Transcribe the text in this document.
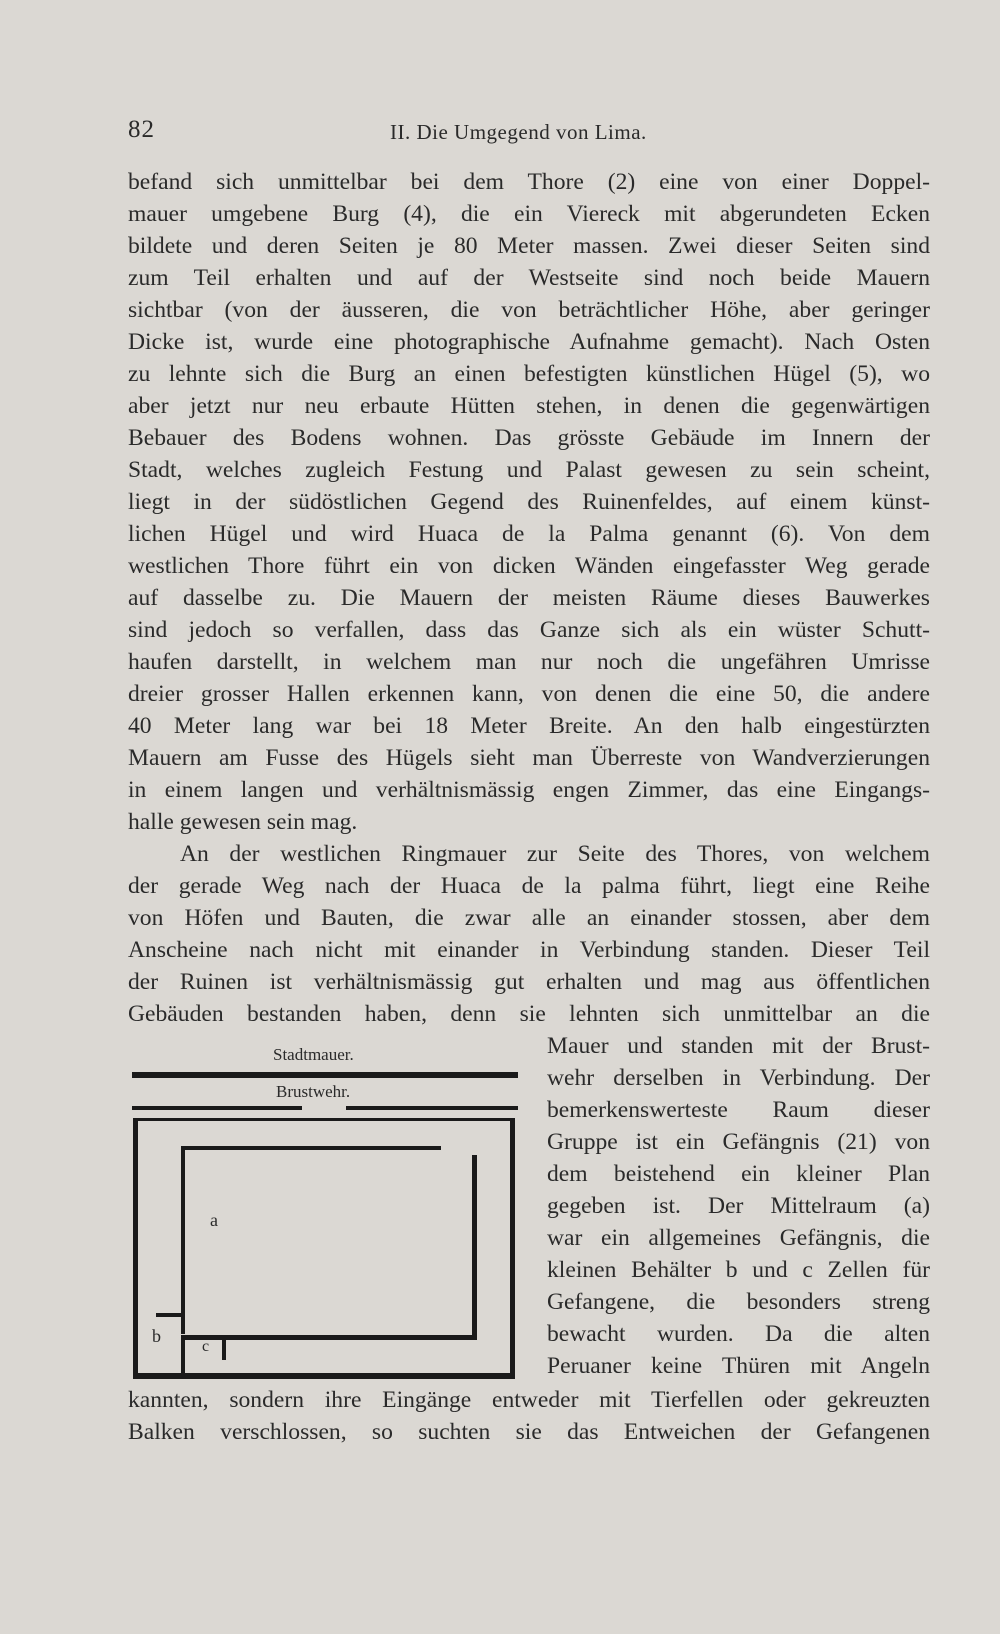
82	II. Die Umgegend von Lima.
befand sich unmittelbar bei dem Thore (2) eine von einer Doppel-
mauer umgebene Burg (4), die ein Viereck mit abgerundeten Ecken
bildete und deren Seiten je 80 Meter massen. Zwei dieser Seiten sind
zum Teil erhalten und auf der Westseite sind noch beide Mauern
sichtbar (von der äusseren, die von beträchtlicher Höhe, aber geringer
Dicke ist, wurde eine photographische Aufnahme gemacht). Nach Osten
zu lehnte sich die Burg an einen befestigten künstlichen Hügel (5), wo
aber jetzt nur neu erbaute Hütten stehen, in denen die gegenwärtigen
Bebauer des Bodens wohnen. Das grösste Gebäude im Innern der
Stadt, welches zugleich Festung und Palast gewesen zu sein scheint,
liegt in der südöstlichen Gegend des Ruinenfeldes, auf einem künst-
lichen Hügel und wird Huaca de la Palma genannt (6). Von dem
westlichen Thore führt ein von dicken Wänden eingefasster Weg gerade
auf dasselbe zu. Die Mauern der meisten Räume dieses Bauwerkes
sind jedoch so verfallen, dass das Ganze sich als ein wüster Schutt-
haufen darstellt, in welchem man nur noch die ungefähren Umrisse
dreier grosser Hallen erkennen kann, von denen die eine 50, die andere
40 Meter lang war bei 18 Meter Breite. An den halb eingestürzten
Mauern am Fusse des Hügels sieht man Überreste von Wandverzierungen
in einem langen und verhältnismässig engen Zimmer, das eine Eingangs-
halle gewesen sein mag.
An der westlichen Ringmauer zur Seite des Thores, von welchem
der gerade Weg nach der Huaca de la palma führt, liegt eine Reihe
von Höfen und Bauten, die zwar alle an einander stossen, aber dem
Anscheine nach nicht mit einander in Verbindung standen. Dieser Teil
der Ruinen ist verhältnismässig gut erhalten und mag aus öffentlichen
Gebäuden bestanden haben, denn sie lehnten sich unmittelbar an die
Mauer und standen mit der Brust-
wehr derselben in Verbindung. Der
bemerkenswerteste Raum dieser
Gruppe ist ein Gefängnis (21) von
dem beistehend ein kleiner Plan
gegeben ist. Der Mittelraum (a)
war ein allgemeines Gefängnis, die
kleinen Behälter b und c Zellen für
Gefangene, die besonders streng
bewacht wurden. Da die alten
Peruaner keine Thüren mit Angeln
kannten, sondern ihre Eingänge entweder mit Tierfellen oder gekreuzten
Balken verschlossen, so suchten sie das Entweichen der Gefangenen
Stadtmauer.
Brustwehr.
a
b
c
